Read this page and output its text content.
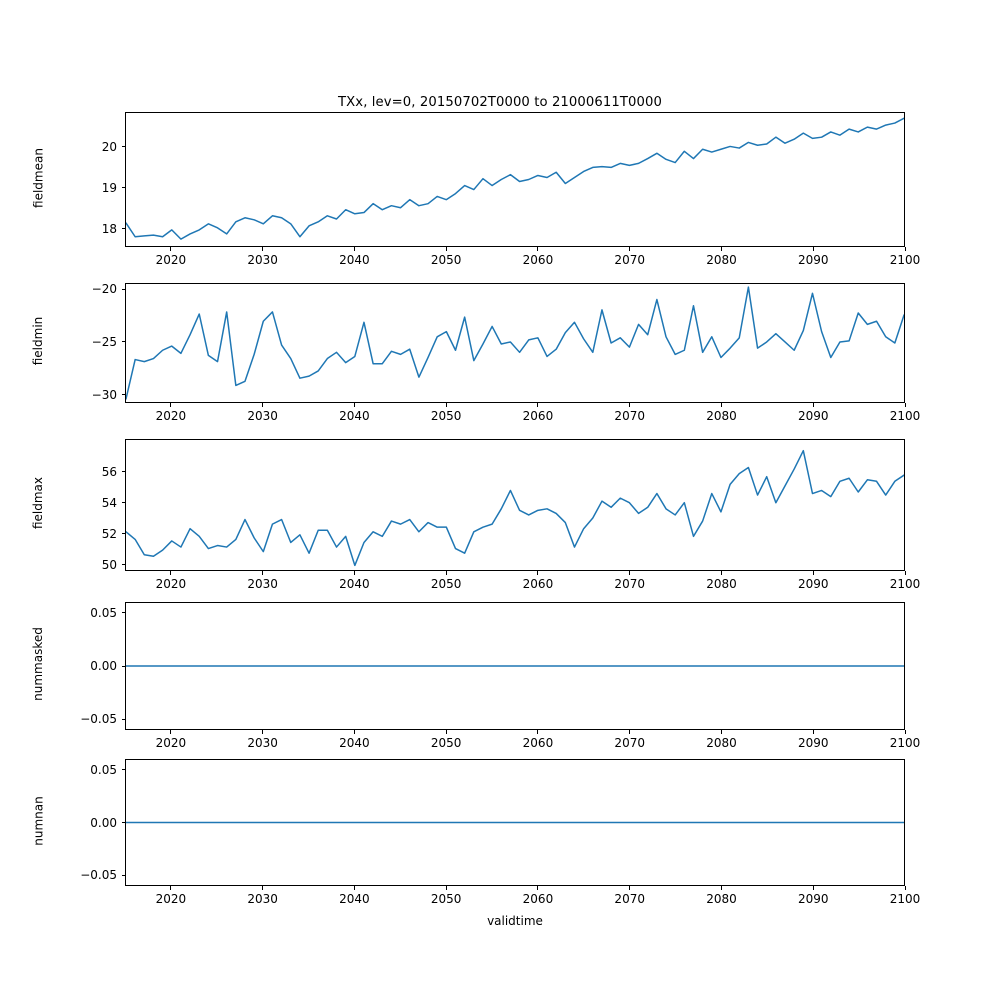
TXx, lev=0, 20150702T0000 to 21000611T0000
18
19
20
2020	2030	2040	2050	2060	2070	2080	2090	2100
fieldmean
−30
−25
−20
2020	2030	2040	2050	2060	2070	2080	2090	2100
fieldmin
50
52
54
56
2020	2030	2040	2050	2060	2070	2080	2090	2100
fieldmax
−0.05
0.00
0.05
2020	2030	2040	2050	2060	2070	2080	2090	2100
nummasked
−0.05
0.00
0.05
2020	2030	2040	2050	2060	2070	2080	2090	2100
numnan
validtime
